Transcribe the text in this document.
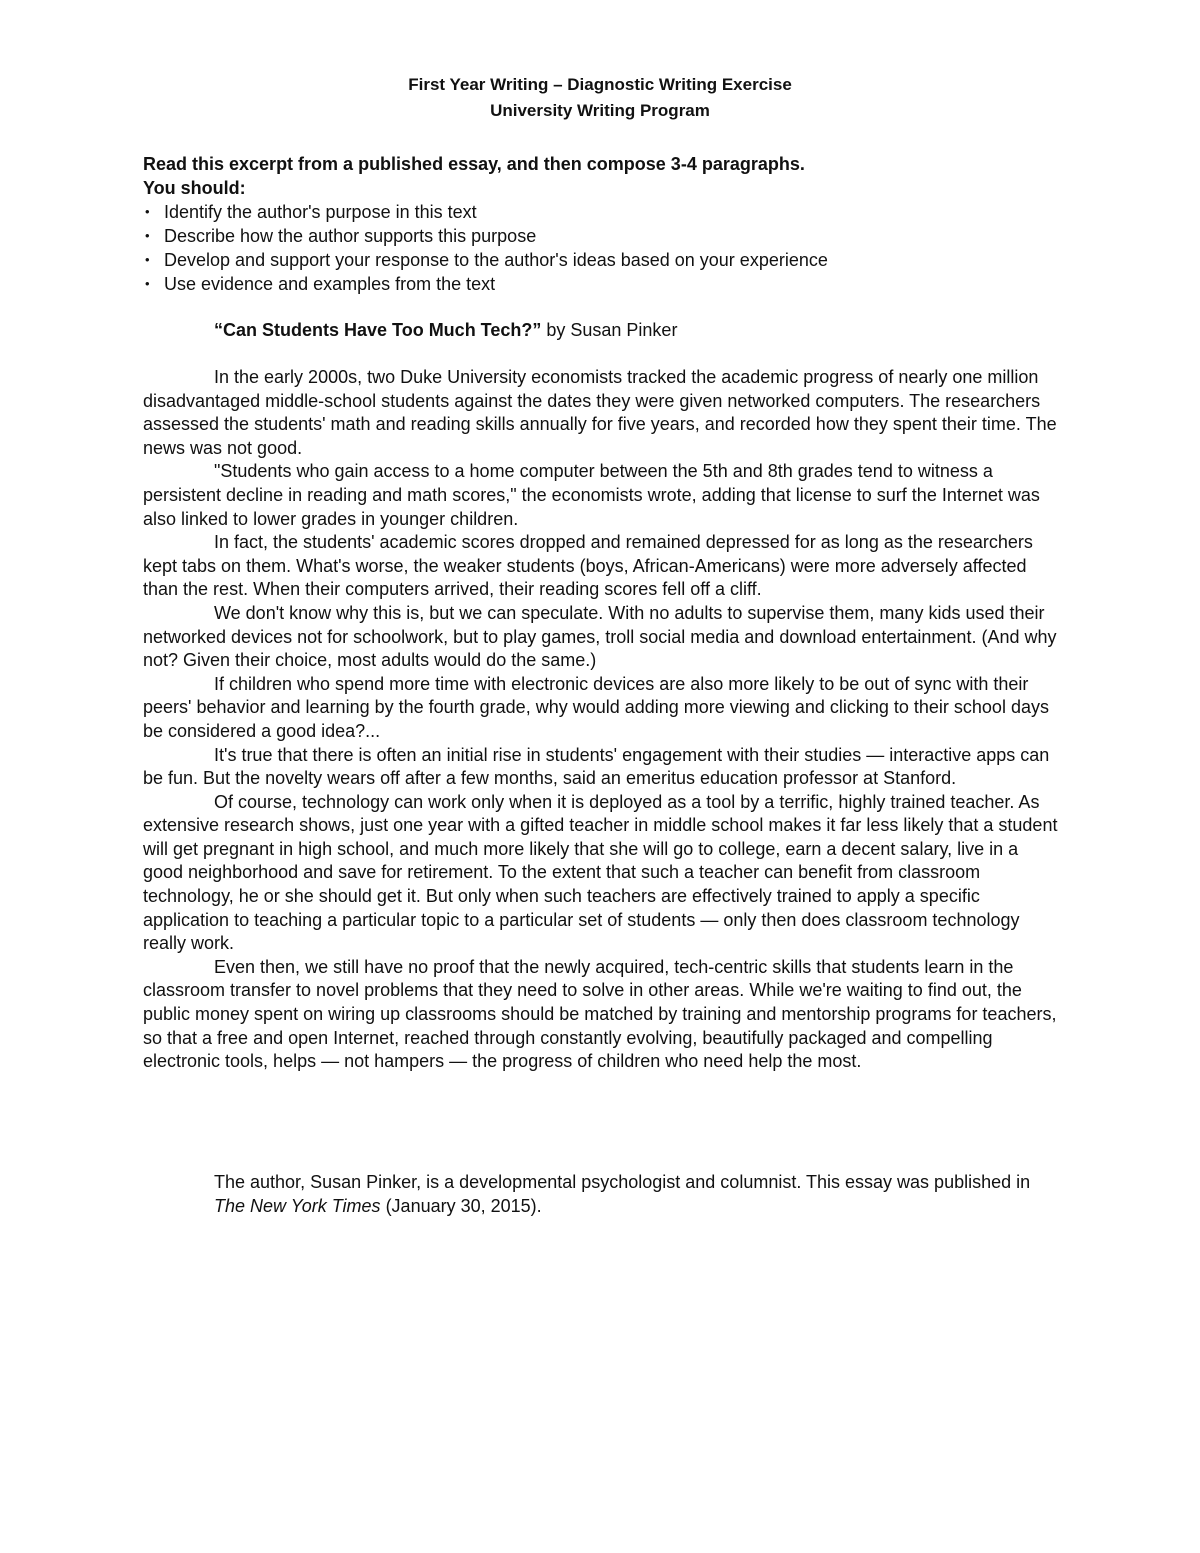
First Year Writing – Diagnostic Writing Exercise
University Writing Program
Read this excerpt from a published essay, and then compose 3-4 paragraphs.
You should:
• Identify the author's purpose in this text
• Describe how the author supports this purpose
• Develop and support your response to the author's ideas based on your experience
• Use evidence and examples from the text
“Can Students Have Too Much Tech?” by Susan Pinker

In the early 2000s, two Duke University economists tracked the academic progress of nearly one million disadvantaged middle-school students against the dates they were given networked computers. The researchers assessed the students' math and reading skills annually for five years, and recorded how they spent their time. The news was not good.

"Students who gain access to a home computer between the 5th and 8th grades tend to witness a persistent decline in reading and math scores," the economists wrote, adding that license to surf the Internet was also linked to lower grades in younger children.

In fact, the students' academic scores dropped and remained depressed for as long as the researchers kept tabs on them. What's worse, the weaker students (boys, African-Americans) were more adversely affected than the rest. When their computers arrived, their reading scores fell off a cliff.

We don't know why this is, but we can speculate. With no adults to supervise them, many kids used their networked devices not for schoolwork, but to play games, troll social media and download entertainment. (And why not? Given their choice, most adults would do the same.)

If children who spend more time with electronic devices are also more likely to be out of sync with their peers' behavior and learning by the fourth grade, why would adding more viewing and clicking to their school days be considered a good idea?...

It's true that there is often an initial rise in students' engagement with their studies — interactive apps can be fun. But the novelty wears off after a few months, said an emeritus education professor at Stanford.

Of course, technology can work only when it is deployed as a tool by a terrific, highly trained teacher. As extensive research shows, just one year with a gifted teacher in middle school makes it far less likely that a student will get pregnant in high school, and much more likely that she will go to college, earn a decent salary, live in a good neighborhood and save for retirement. To the extent that such a teacher can benefit from classroom technology, he or she should get it. But only when such teachers are effectively trained to apply a specific application to teaching a particular topic to a particular set of students — only then does classroom technology really work.

Even then, we still have no proof that the newly acquired, tech-centric skills that students learn in the classroom transfer to novel problems that they need to solve in other areas. While we're waiting to find out, the public money spent on wiring up classrooms should be matched by training and mentorship programs for teachers, so that a free and open Internet, reached through constantly evolving, beautifully packaged and compelling electronic tools, helps — not hampers — the progress of children who need help the most.

The author, Susan Pinker, is a developmental psychologist and columnist. This essay was published in The New York Times (January 30, 2015).
